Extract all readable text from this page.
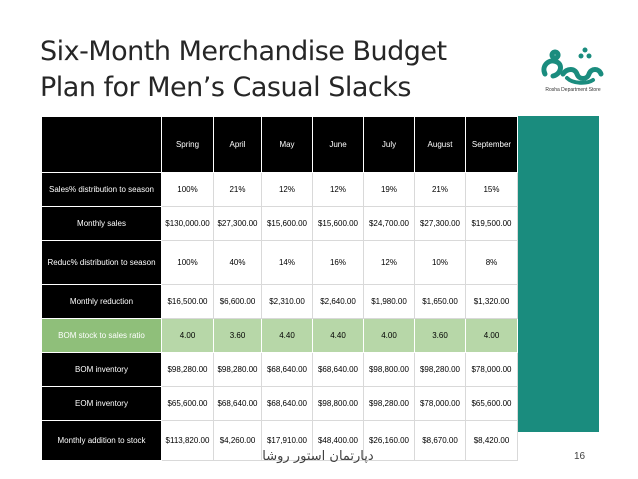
Six-Month Merchandise Budget
Plan for Men’s Casual Slacks	Rosha Department Store
	Spring	April	May	June	July	August	September
Sales% distribution to season	100%	21%	12%	12%	19%	21%	15%
Monthly sales	$130,000.00	$27,300.00	$15,600.00	$15,600.00	$24,700.00	$27,300.00	$19,500.00
Reduc% distribution to season	100%	40%	14%	16%	12%	10%	8%
Monthly reduction	$16,500.00	$6,600.00	$2,310.00	$2,640.00	$1,980.00	$1,650.00	$1,320.00
BOM stock to sales ratio	4.00	3.60	4.40	4.40	4.00	3.60	4.00
BOM inventory	$98,280.00	$98,280.00	$68,640.00	$68,640.00	$98,800.00	$98,280.00	$78,000.00
EOM inventory	$65,600.00	$68,640.00	$68,640.00	$98,800.00	$98,280.00	$78,000.00	$65,600.00
Monthly addition to stock	$113,820.00	$4,260.00	$17,910.00	$48,400.00	$26,160.00	$8,670.00	$8,420.00
دپارتمان استور روشا	16
